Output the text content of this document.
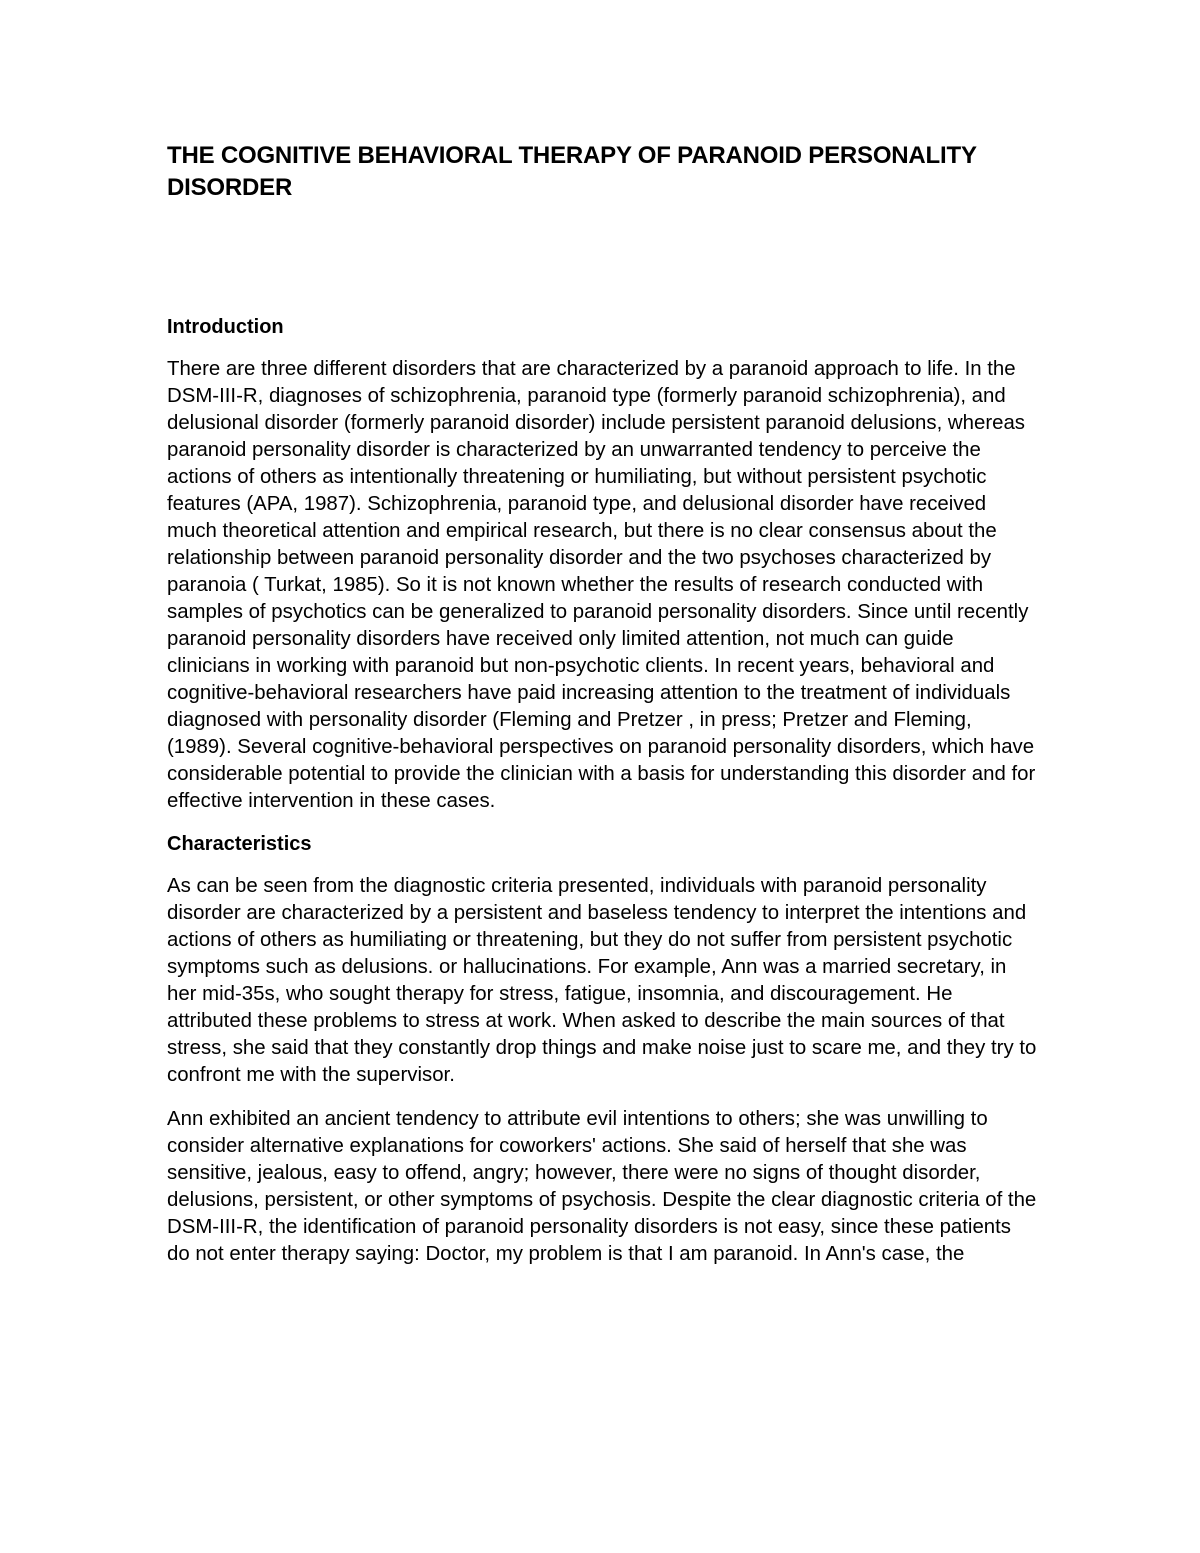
THE COGNITIVE BEHAVIORAL THERAPY OF PARANOID PERSONALITY DISORDER
Introduction

There are three different disorders that are characterized by a paranoid approach to life. In the DSM-III-R, diagnoses of schizophrenia, paranoid type (formerly paranoid schizophrenia), and delusional disorder (formerly paranoid disorder) include persistent paranoid delusions, whereas paranoid personality disorder is characterized by an unwarranted tendency to perceive the actions of others as intentionally threatening or humiliating, but without persistent psychotic features (APA, 1987). Schizophrenia, paranoid type, and delusional disorder have received much theoretical attention and empirical research, but there is no clear consensus about the relationship between paranoid personality disorder and the two psychoses characterized by paranoia ( Turkat, 1985). So it is not known whether the results of research conducted with samples of psychotics can be generalized to paranoid personality disorders. Since until recently paranoid personality disorders have received only limited attention, not much can guide clinicians in working with paranoid but non-psychotic clients. In recent years, behavioral and cognitive-behavioral researchers have paid increasing attention to the treatment of individuals diagnosed with personality disorder (Fleming and Pretzer , in press; Pretzer and Fleming, (1989). Several cognitive-behavioral perspectives on paranoid personality disorders, which have considerable potential to provide the clinician with a basis for understanding this disorder and for effective intervention in these cases.

Characteristics

As can be seen from the diagnostic criteria presented, individuals with paranoid personality disorder are characterized by a persistent and baseless tendency to interpret the intentions and actions of others as humiliating or threatening, but they do not suffer from persistent psychotic symptoms such as delusions. or hallucinations. For example, Ann was a married secretary, in her mid-35s, who sought therapy for stress, fatigue, insomnia, and discouragement. He attributed these problems to stress at work. When asked to describe the main sources of that stress, she said that they constantly drop things and make noise just to scare me, and they try to confront me with the supervisor.

Ann exhibited an ancient tendency to attribute evil intentions to others; she was unwilling to consider alternative explanations for coworkers' actions. She said of herself that she was sensitive, jealous, easy to offend, angry; however, there were no signs of thought disorder, delusions, persistent, or other symptoms of psychosis. Despite the clear diagnostic criteria of the DSM-III-R, the identification of paranoid personality disorders is not easy, since these patients do not enter therapy saying: Doctor, my problem is that I am paranoid. In Ann's case, the
